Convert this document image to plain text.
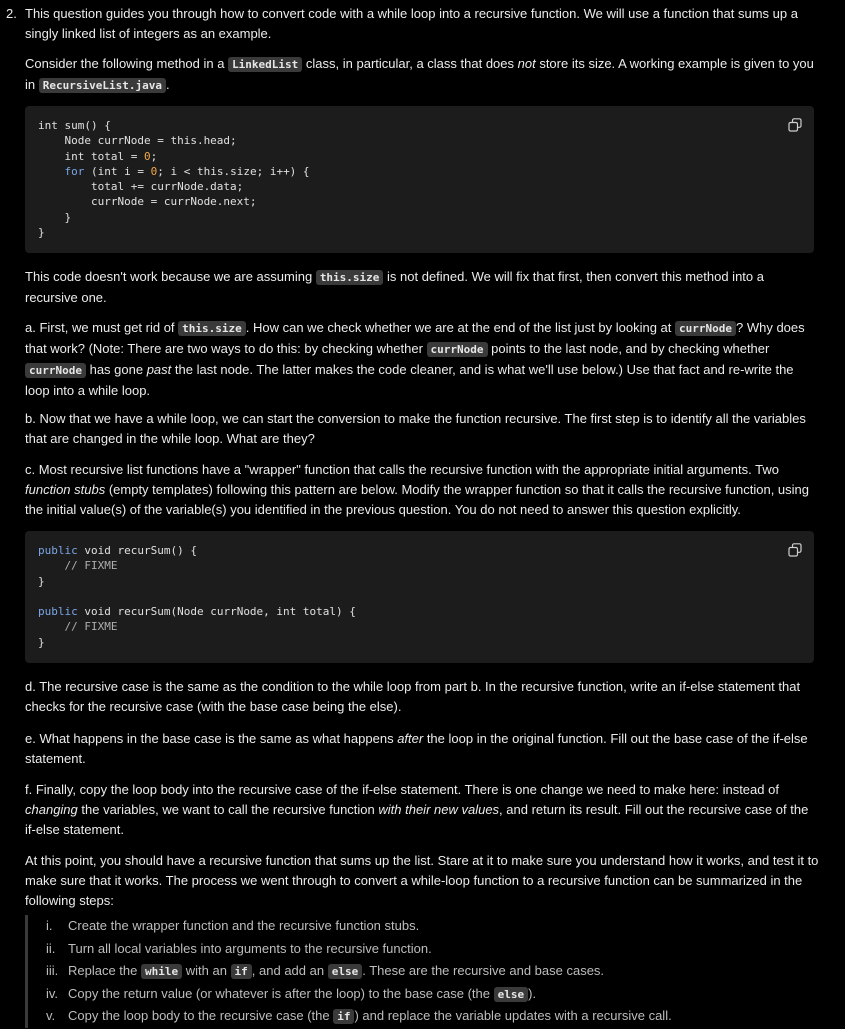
2. This question guides you through how to convert code with a while loop into a recursive function. We will use a function that sums up a singly linked list of integers as an example.

Consider the following method in a LinkedList class, in particular, a class that does not store its size. A working example is given to you in RecursiveList.java .

int sum() {
Node currNode = this.head;
int total = 0;
for (int i = 0; i < this.size; i++) {
total += currNode.data;
currNode = currNode.next;
}
}

This code doesn't work because we are assuming this.size is not defined. We will fix that first, then convert this method into a recursive one.

a. First, we must get rid of this.size . How can we check whether we are at the end of the list just by looking at currNode ? Why does that work? (Note: There are two ways to do this: by checking whether currNode points to the last node, and by checking whether currNode has gone past the last node. The latter makes the code cleaner, and is what we'll use below.) Use that fact and re-write the loop into a while loop.

b. Now that we have a while loop, we can start the conversion to make the function recursive. The first step is to identify all the variables that are changed in the while loop. What are they?

c. Most recursive list functions have a "wrapper" function that calls the recursive function with the appropriate initial arguments. Two function stubs (empty templates) following this pattern are below. Modify the wrapper function so that it calls the recursive function, using the initial value(s) of the variable(s) you identified in the previous question. You do not need to answer this question explicitly.

public void recurSum() {
// FIXME
}

public void recurSum(Node currNode, int total) {
// FIXME
}

d. The recursive case is the same as the condition to the while loop from part b. In the recursive function, write an if-else statement that checks for the recursive case (with the base case being the else).

e. What happens in the base case is the same as what happens after the loop in the original function. Fill out the base case of the if-else statement.

f. Finally, copy the loop body into the recursive case of the if-else statement. There is one change we need to make here: instead of changing the variables, we want to call the recursive function with their new values, and return its result. Fill out the recursive case of the if-else statement.

At this point, you should have a recursive function that sums up the list. Stare at it to make sure you understand how it works, and test it to make sure that it works. The process we went through to convert a while-loop function to a recursive function can be summarized in the following steps:

i.	Create the wrapper function and the recursive function stubs.
ii. Turn all local variables into arguments to the recursive function.
iii. Replace the while with an if , and add an else . These are the recursive and base cases.
iv. Copy the return value (or whatever is after the loop) to the base case (the else ).
v. Copy the loop body to the recursive case (the if ) and replace the variable updates with a recursive call.
